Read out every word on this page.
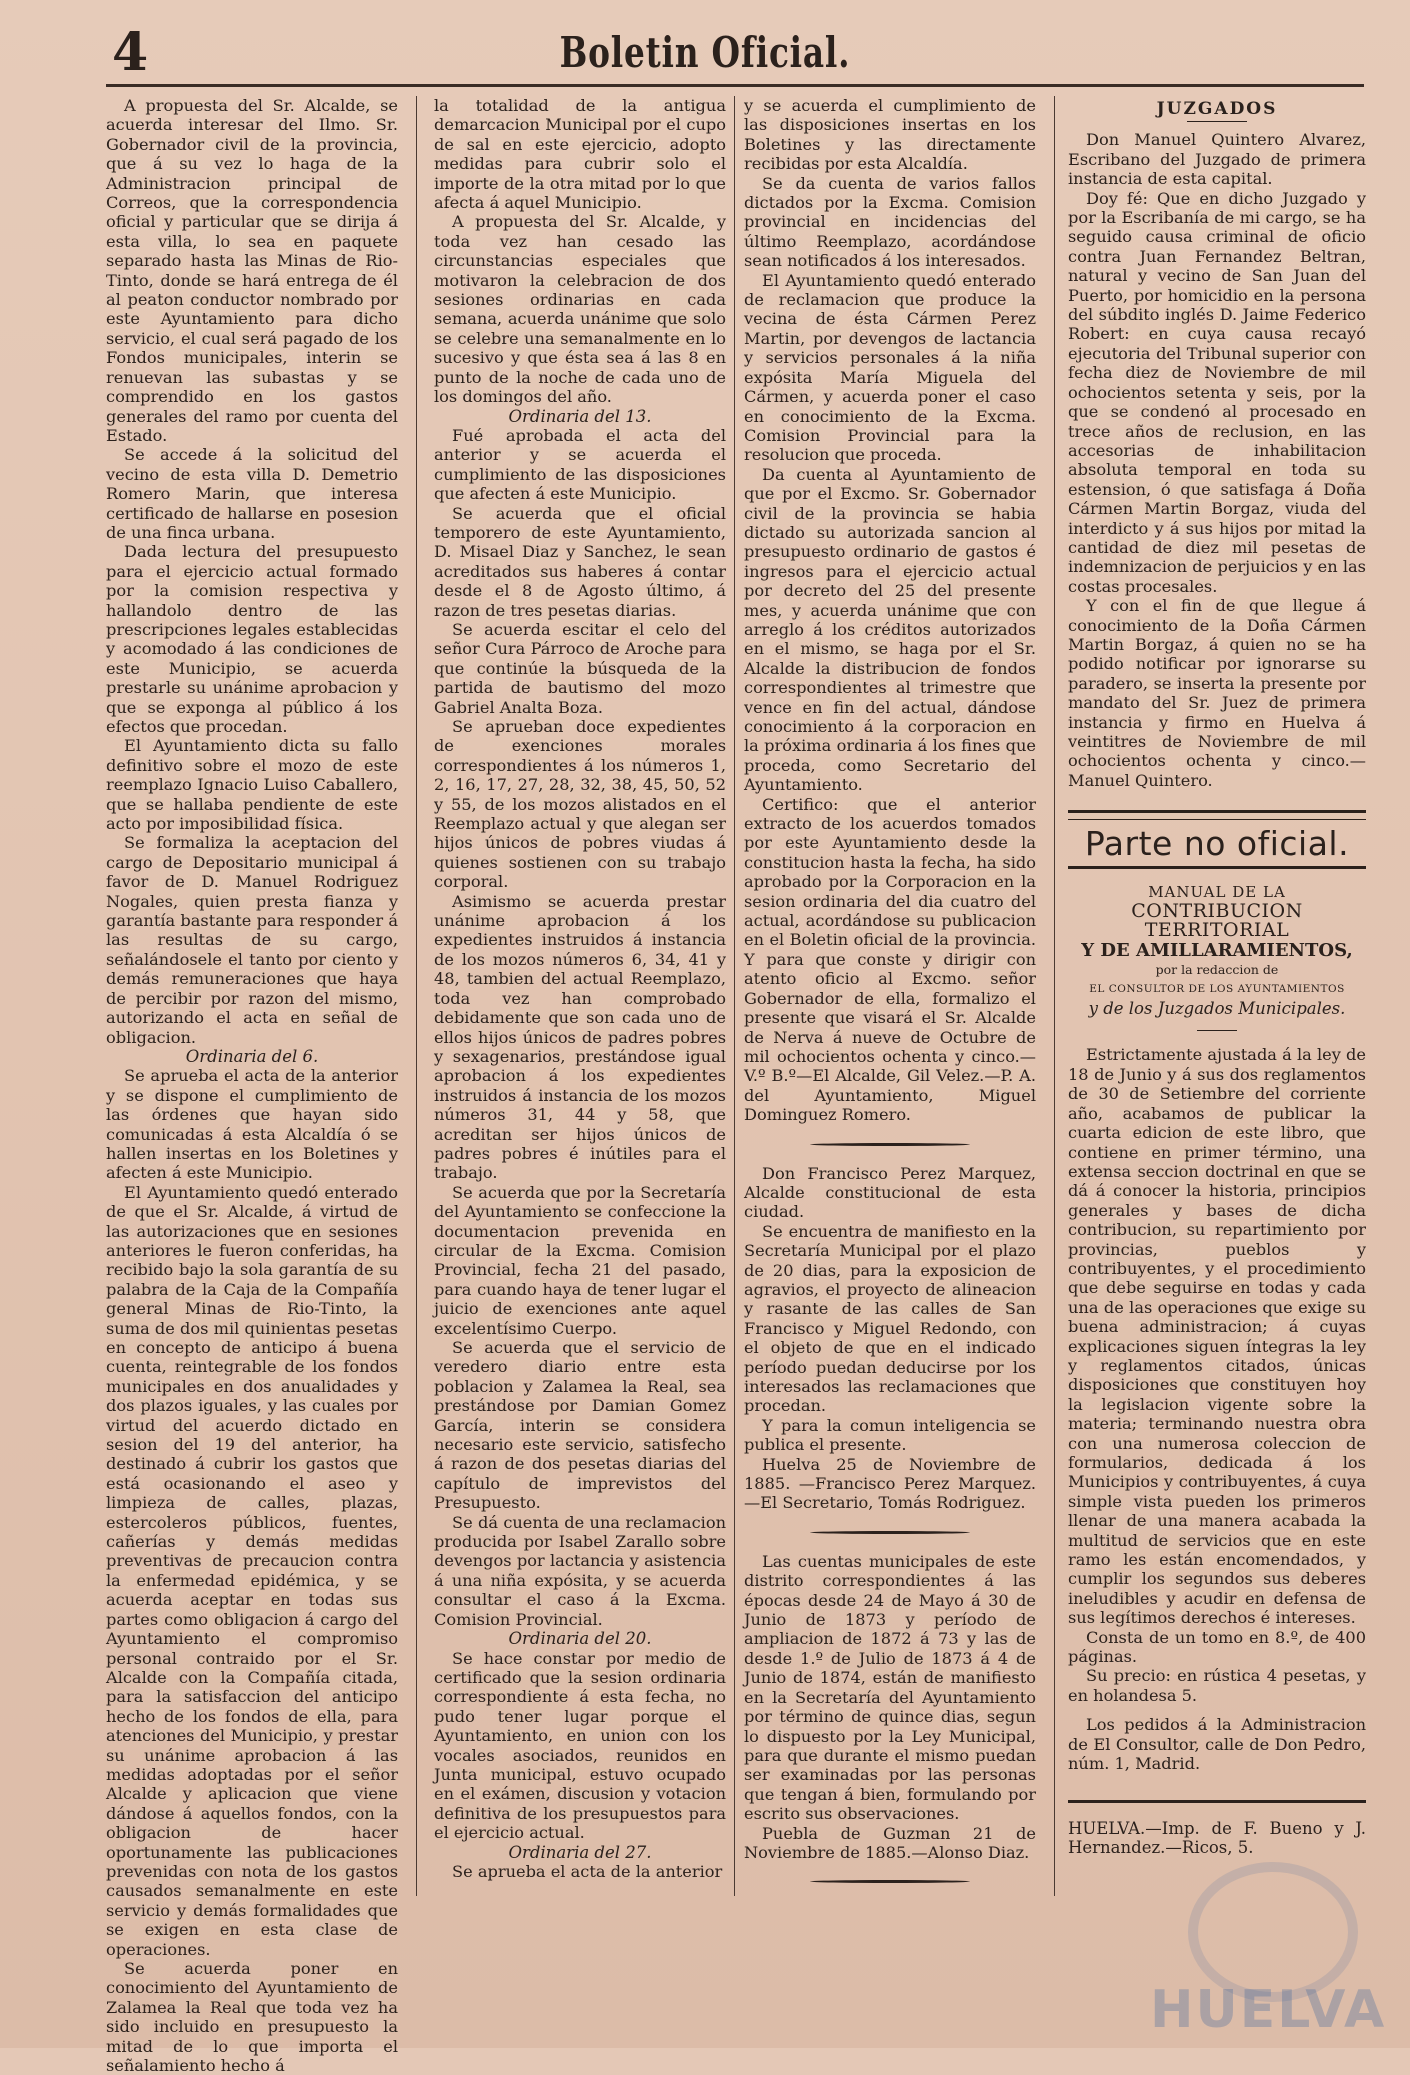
4	Boletin Oficial.

A propuesta del Sr. Alcalde, se acuerda interesar del Ilmo. Sr. Gobernador civil de la provincia, que á su vez lo haga de la Administracion principal de Correos, que la correspondencia oficial y particular que se dirija á esta villa, lo sea en paquete separado hasta las Minas de Rio-Tinto, donde se hará entrega de él al peaton conductor nombrado por este Ayuntamiento para dicho servicio, el cual será pagado de los Fondos municipales, interin se renuevan las subastas y se comprendido en los gastos generales del ramo por cuenta del Estado.

Se accede á la solicitud del vecino de esta villa D. Demetrio Romero Marin, que interesa certificado de hallarse en posesion de una finca urbana.

Dada lectura del presupuesto para el ejercicio actual formado por la comision respectiva y hallandolo dentro de las prescripciones legales establecidas y acomodado á las condiciones de este Municipio, se acuerda prestarle su unánime aprobacion y que se exponga al público á los efectos que procedan.

El Ayuntamiento dicta su fallo definitivo sobre el mozo de este reemplazo Ignacio Luiso Caballero, que se hallaba pendiente de este acto por imposibilidad física.

Se formaliza la aceptacion del cargo de Depositario municipal á favor de D. Manuel Rodriguez Nogales, quien presta fianza y garantía bastante para responder á las resultas de su cargo, señalándosele el tanto por ciento y demás remuneraciones que haya de percibir por razon del mismo, autorizando el acta en señal de obligacion.

Ordinaria del 6.

Se aprueba el acta de la anterior y se dispone el cumplimiento de las órdenes que hayan sido comunicadas á esta Alcaldía ó se hallen insertas en los Boletines y afecten á este Municipio.

El Ayuntamiento quedó enterado de que el Sr. Alcalde, á virtud de las autorizaciones que en sesiones anteriores le fueron conferidas, ha recibido bajo la sola garantía de su palabra de la Caja de la Compañía general Minas de Rio-Tinto, la suma de dos mil quinientas pesetas en concepto de anticipo á buena cuenta, reintegrable de los fondos municipales en dos anualidades y dos plazos iguales, y las cuales por virtud del acuerdo dictado en sesion del 19 del anterior, ha destinado á cubrir los gastos que está ocasionando el aseo y limpieza de calles, plazas, estercoleros públicos, fuentes, cañerías y demás medidas preventivas de precaucion contra la enfermedad epidémica, y se acuerda aceptar en todas sus partes como obligacion á cargo del Ayuntamiento el compromiso personal contraido por el Sr. Alcalde con la Compañía citada, para la satisfaccion del anticipo hecho de los fondos de ella, para atenciones del Municipio, y prestar su unánime aprobacion á las medidas adoptadas por el señor Alcalde y aplicacion que viene dándose á aquellos fondos, con la obligacion de hacer oportunamente las publicaciones prevenidas con nota de los gastos causados semanalmente en este servicio y demás formalidades que se exigen en esta clase de operaciones.

Se acuerda poner en conocimiento del Ayuntamiento de Zalamea la Real que toda vez ha sido incluido en presupuesto la mitad de lo que importa el señalamiento hecho á

la totalidad de la antigua demarcacion Municipal por el cupo de sal en este ejercicio, adopto medidas para cubrir solo el importe de la otra mitad por lo que afecta á aquel Municipio.

A propuesta del Sr. Alcalde, y toda vez han cesado las circunstancias especiales que motivaron la celebracion de dos sesiones ordinarias en cada semana, acuerda unánime que solo se celebre una semanalmente en lo sucesivo y que ésta sea á las 8 en punto de la noche de cada uno de los domingos del año.

Ordinaria del 13.

Fué aprobada el acta del anterior y se acuerda el cumplimiento de las disposiciones que afecten á este Municipio.

Se acuerda que el oficial temporero de este Ayuntamiento, D. Misael Diaz y Sanchez, le sean acreditados sus haberes á contar desde el 8 de Agosto último, á razon de tres pesetas diarias.

Se acuerda escitar el celo del señor Cura Párroco de Aroche para que continúe la búsqueda de la partida de bautismo del mozo Gabriel Analta Boza.

Se aprueban doce expedientes de exenciones morales correspondientes á los números 1, 2, 16, 17, 27, 28, 32, 38, 45, 50, 52 y 55, de los mozos alistados en el Reemplazo actual y que alegan ser hijos únicos de pobres viudas á quienes sostienen con su trabajo corporal.

Asimismo se acuerda prestar unánime aprobacion á los expedientes instruidos á instancia de los mozos números 6, 34, 41 y 48, tambien del actual Reemplazo, toda vez han comprobado debidamente que son cada uno de ellos hijos únicos de padres pobres y sexagenarios, prestándose igual aprobacion á los expedientes instruidos á instancia de los mozos números 31, 44 y 58, que acreditan ser hijos únicos de padres pobres é inútiles para el trabajo.

Se acuerda que por la Secretaría del Ayuntamiento se confeccione la documentacion prevenida en circular de la Excma. Comision Provincial, fecha 21 del pasado, para cuando haya de tener lugar el juicio de exenciones ante aquel excelentísimo Cuerpo.

Se acuerda que el servicio de veredero diario entre esta poblacion y Zalamea la Real, sea prestándose por Damian Gomez García, interin se considera necesario este servicio, satisfecho á razon de dos pesetas diarias del capítulo de imprevistos del Presupuesto.

Se dá cuenta de una reclamacion producida por Isabel Zarallo sobre devengos por lactancia y asistencia á una niña expósita, y se acuerda consultar el caso á la Excma. Comision Provincial.

Ordinaria del 20.

Se hace constar por medio de certificado que la sesion ordinaria correspondiente á esta fecha, no pudo tener lugar porque el Ayuntamiento, en union con los vocales asociados, reunidos en Junta municipal, estuvo ocupado en el exámen, discusion y votacion definitiva de los presupuestos para el ejercicio actual.

Ordinaria del 27.

Se aprueba el acta de la anterior

y se acuerda el cumplimiento de las disposiciones insertas en los Boletines y las directamente recibidas por esta Alcaldía.

Se da cuenta de varios fallos dictados por la Excma. Comision provincial en incidencias del último Reemplazo, acordándose sean notificados á los interesados.

El Ayuntamiento quedó enterado de reclamacion que produce la vecina de ésta Cármen Perez Martin, por devengos de lactancia y servicios personales á la niña expósita María Miguela del Cármen, y acuerda poner el caso en conocimiento de la Excma. Comision Provincial para la resolucion que proceda.

Da cuenta al Ayuntamiento de que por el Excmo. Sr. Gobernador civil de la provincia se habia dictado su autorizada sancion al presupuesto ordinario de gastos é ingresos para el ejercicio actual por decreto del 25 del presente mes, y acuerda unánime que con arreglo á los créditos autorizados en el mismo, se haga por el Sr. Alcalde la distribucion de fondos correspondientes al trimestre que vence en fin del actual, dándose conocimiento á la corporacion en la próxima ordinaria á los fines que proceda, como Secretario del Ayuntamiento.

Certifico: que el anterior extracto de los acuerdos tomados por este Ayuntamiento desde la constitucion hasta la fecha, ha sido aprobado por la Corporacion en la sesion ordinaria del dia cuatro del actual, acordándose su publicacion en el Boletin oficial de la provincia. Y para que conste y dirigir con atento oficio al Excmo. señor Gobernador de ella, formalizo el presente que visará el Sr. Alcalde de Nerva á nueve de Octubre de mil ochocientos ochenta y cinco.—V.º B.º—El Alcalde, Gil Velez.—P. A. del Ayuntamiento, Miguel Dominguez Romero.

Don Francisco Perez Marquez, Alcalde constitucional de esta ciudad.

Se encuentra de manifiesto en la Secretaría Municipal por el plazo de 20 dias, para la exposicion de agravios, el proyecto de alineacion y rasante de las calles de San Francisco y Miguel Redondo, con el objeto de que en el indicado período puedan deducirse por los interesados las reclamaciones que procedan.

Y para la comun inteligencia se publica el presente.

Huelva 25 de Noviembre de 1885. —Francisco Perez Marquez.—El Secretario, Tomás Rodriguez.

Las cuentas municipales de este distrito correspondientes á las épocas desde 24 de Mayo á 30 de Junio de 1873 y período de ampliacion de 1872 á 73 y las de desde 1.º de Julio de 1873 á 4 de Junio de 1874, están de manifiesto en la Secretaría del Ayuntamiento por término de quince dias, segun lo dispuesto por la Ley Municipal, para que durante el mismo puedan ser examinadas por las personas que tengan á bien, formulando por escrito sus observaciones.

Puebla de Guzman 21 de Noviembre de 1885.—Alonso Diaz.

JUZGADOS

Don Manuel Quintero Alvarez, Escribano del Juzgado de primera instancia de esta capital.

Doy fé: Que en dicho Juzgado y por la Escribanía de mi cargo, se ha seguido causa criminal de oficio contra Juan Fernandez Beltran, natural y vecino de San Juan del Puerto, por homicidio en la persona del súbdito inglés D. Jaime Federico Robert: en cuya causa recayó ejecutoria del Tribunal superior con fecha diez de Noviembre de mil ochocientos setenta y seis, por la que se condenó al procesado en trece años de reclusion, en las accesorias de inhabilitacion absoluta temporal en toda su estension, ó que satisfaga á Doña Cármen Martin Borgaz, viuda del interdicto y á sus hijos por mitad la cantidad de diez mil pesetas de indemnizacion de perjuicios y en las costas procesales.

Y con el fin de que llegue á conocimiento de la Doña Cármen Martin Borgaz, á quien no se ha podido notificar por ignorarse su paradero, se inserta la presente por mandato del Sr. Juez de primera instancia y firmo en Huelva á veintitres de Noviembre de mil ochocientos ochenta y cinco.—Manuel Quintero.

Parte no oficial.
MANUAL DE LA
CONTRIBUCION TERRITORIAL
Y DE AMILLARAMIENTOS,
por la redaccion de
EL CONSULTOR DE LOS AYUNTAMIENTOS
y de los Juzgados Municipales.

Estrictamente ajustada á la ley de 18 de Junio y á sus dos reglamentos de 30 de Setiembre del corriente año, acabamos de publicar la cuarta edicion de este libro, que contiene en primer término, una extensa seccion doctrinal en que se dá á conocer la historia, principios generales y bases de dicha contribucion, su repartimiento por provincias, pueblos y contribuyentes, y el procedimiento que debe seguirse en todas y cada una de las operaciones que exige su buena administracion; á cuyas explicaciones siguen íntegras la ley y reglamentos citados, únicas disposiciones que constituyen hoy la legislacion vigente sobre la materia; terminando nuestra obra con una numerosa coleccion de formularios, dedicada á los Municipios y contribuyentes, á cuya simple vista pueden los primeros llenar de una manera acabada la multitud de servicios que en este ramo les están encomendados, y cumplir los segundos sus deberes ineludibles y acudir en defensa de sus legítimos derechos é intereses.

Consta de un tomo en 8.º, de 400 páginas.

Su precio: en rústica 4 pesetas, y en holandesa 5.

Los pedidos á la Administracion de El Consultor, calle de Don Pedro, núm. 1, Madrid.

HUELVA.—Imp. de F. Bueno y J. Hernandez.—Ricos, 5.

HUELVA
